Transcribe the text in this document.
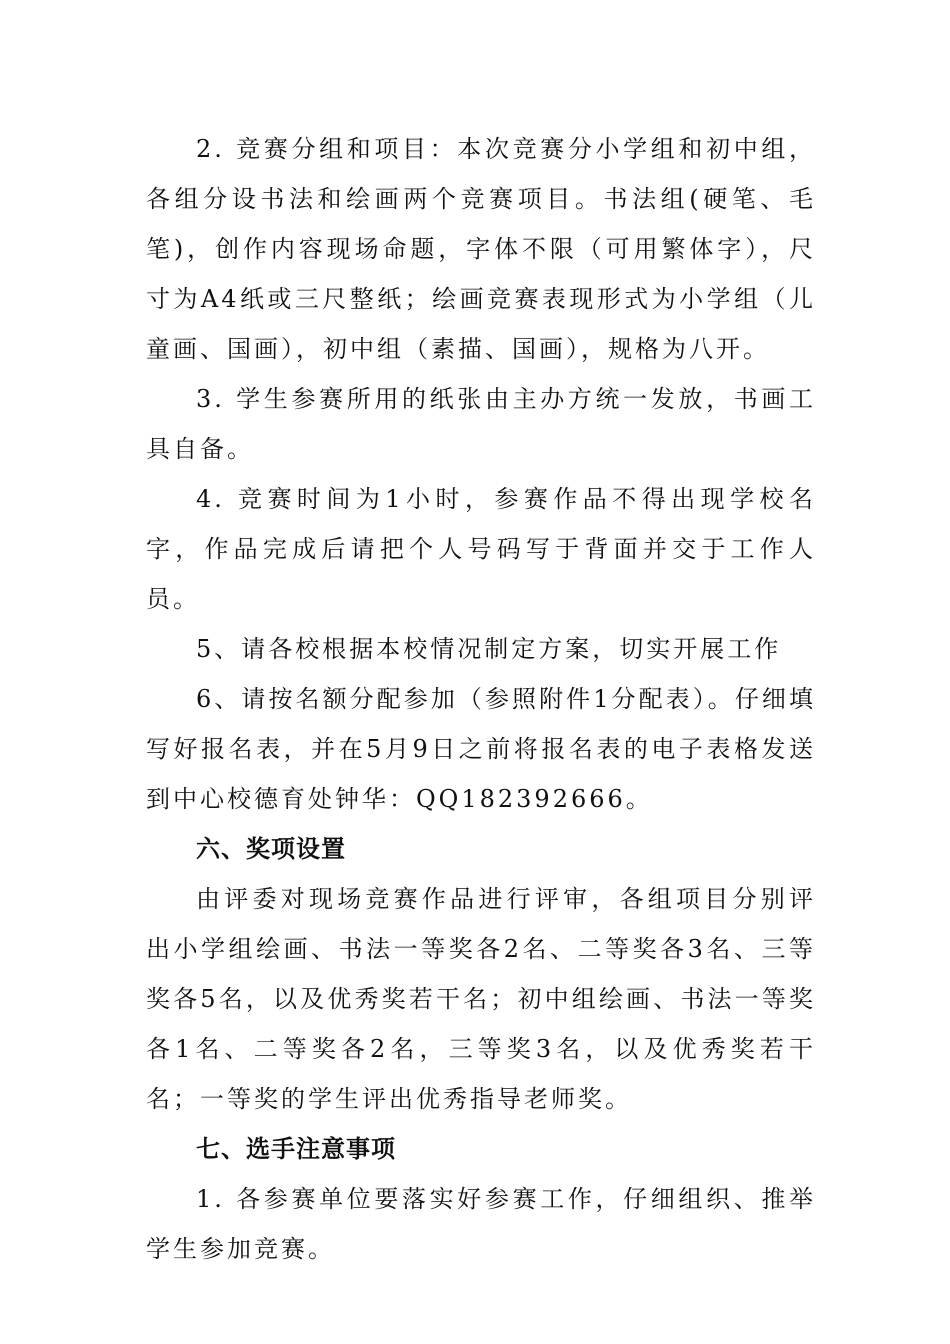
2. 竞赛分组和项目：本次竞赛分小学组和初中组，各组分设书法和绘画两个竞赛项目。书法组(硬笔、毛笔)，创作内容现场命题，字体不限（可用繁体字），尺寸为A4纸或三尺整纸；绘画竞赛表现形式为小学组（儿童画、国画），初中组（素描、国画），规格为八开。

3. 学生参赛所用的纸张由主办方统一发放，书画工具自备。

4. 竞赛时间为1小时，参赛作品不得出现学校名字，作品完成后请把个人号码写于背面并交于工作人员。

5、请各校根据本校情况制定方案，切实开展工作

6、请按名额分配参加（参照附件1分配表）。仔细填写好报名表，并在5月9日之前将报名表的电子表格发送到中心校德育处钟华：QQ182392666。

六、奖项设置

由评委对现场竞赛作品进行评审，各组项目分别评出小学组绘画、书法一等奖各2名、二等奖各3名、三等奖各5名，以及优秀奖若干名；初中组绘画、书法一等奖各1名、二等奖各2名，三等奖3名，以及优秀奖若干名；一等奖的学生评出优秀指导老师奖。

七、选手注意事项

1. 各参赛单位要落实好参赛工作，仔细组织、推举学生参加竞赛。
